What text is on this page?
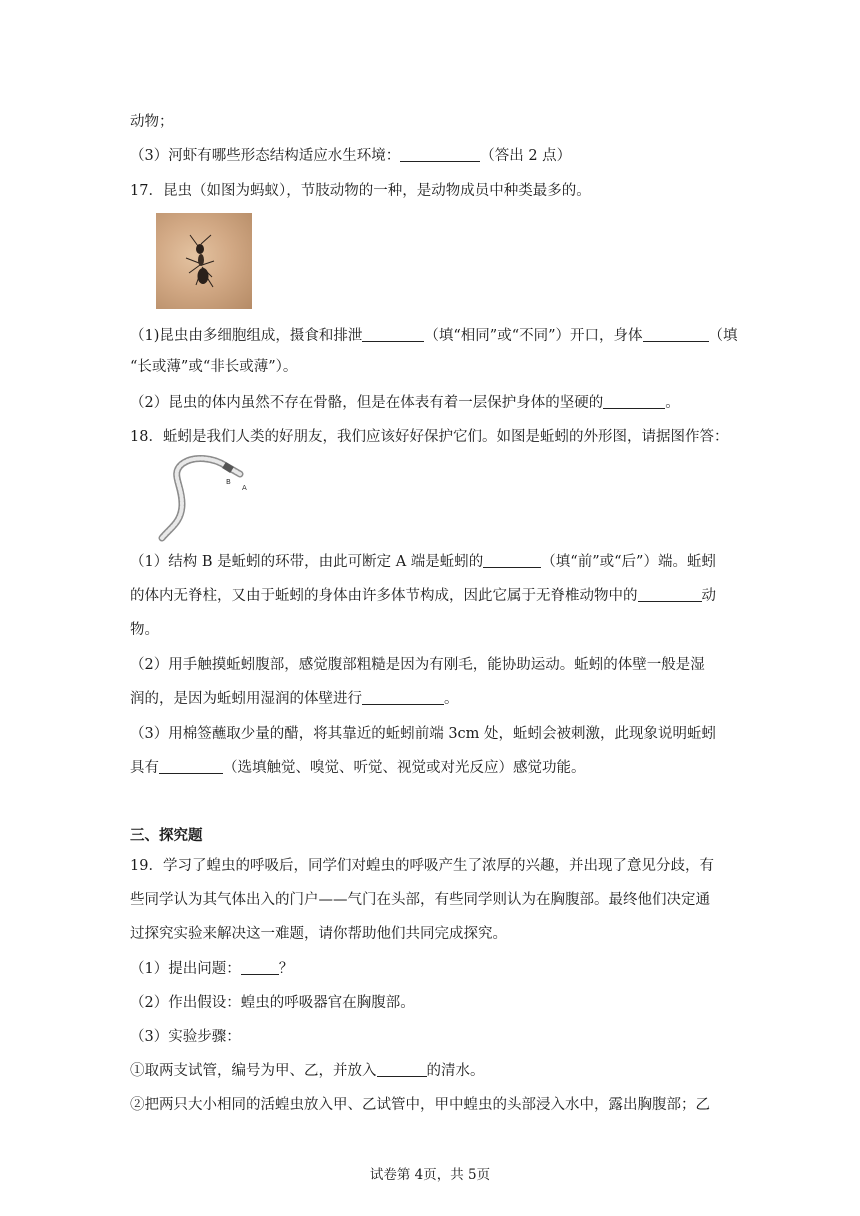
动物；
（3）河虾有哪些形态结构适应水生环境：	（答出 2 点）
17．昆虫（如图为蚂蚁），节肢动物的一种，是动物成员中种类最多的。
（1)昆虫由多细胞组成，摄食和排泄	（填“相同”或“不同”）开口，身体	（填
“长或薄”或“非长或薄”）。
（2）昆虫的体内虽然不存在骨骼，但是在体表有着一层保护身体的坚硬的	。
18．蚯蚓是我们人类的好朋友，我们应该好好保护它们。如图是蚯蚓的外形图，请据图作答：
B
A
（1）结构 B 是蚯蚓的环带，由此可断定 A 端是蚯蚓的	（填“前”或“后”）端。蚯蚓
的体内无脊柱，又由于蚯蚓的身体由许多体节构成，因此它属于无脊椎动物中的	动
物。
（2）用手触摸蚯蚓腹部，感觉腹部粗糙是因为有刚毛，能协助运动。蚯蚓的体壁一般是湿
润的，是因为蚯蚓用湿润的体壁进行	。
（3）用棉签蘸取少量的醋，将其靠近的蚯蚓前端 3cm 处，蚯蚓会被刺激，此现象说明蚯蚓
具有	（选填触觉、嗅觉、听觉、视觉或对光反应）感觉功能。
三、探究题
19．学习了蝗虫的呼吸后，同学们对蝗虫的呼吸产生了浓厚的兴趣，并出现了意见分歧，有
些同学认为其气体出入的门户——气门在头部，有些同学则认为在胸腹部。最终他们决定通
过探究实验来解决这一难题，请你帮助他们共同完成探究。
（1）提出问题：	？
（2）作出假设：蝗虫的呼吸器官在胸腹部。
（3）实验步骤：
①取两支试管，编号为甲、乙，并放入	的清水。
②把两只大小相同的活蝗虫放入甲、乙试管中，甲中蝗虫的头部浸入水中，露出胸腹部；乙
试卷第 4页，共 5页
